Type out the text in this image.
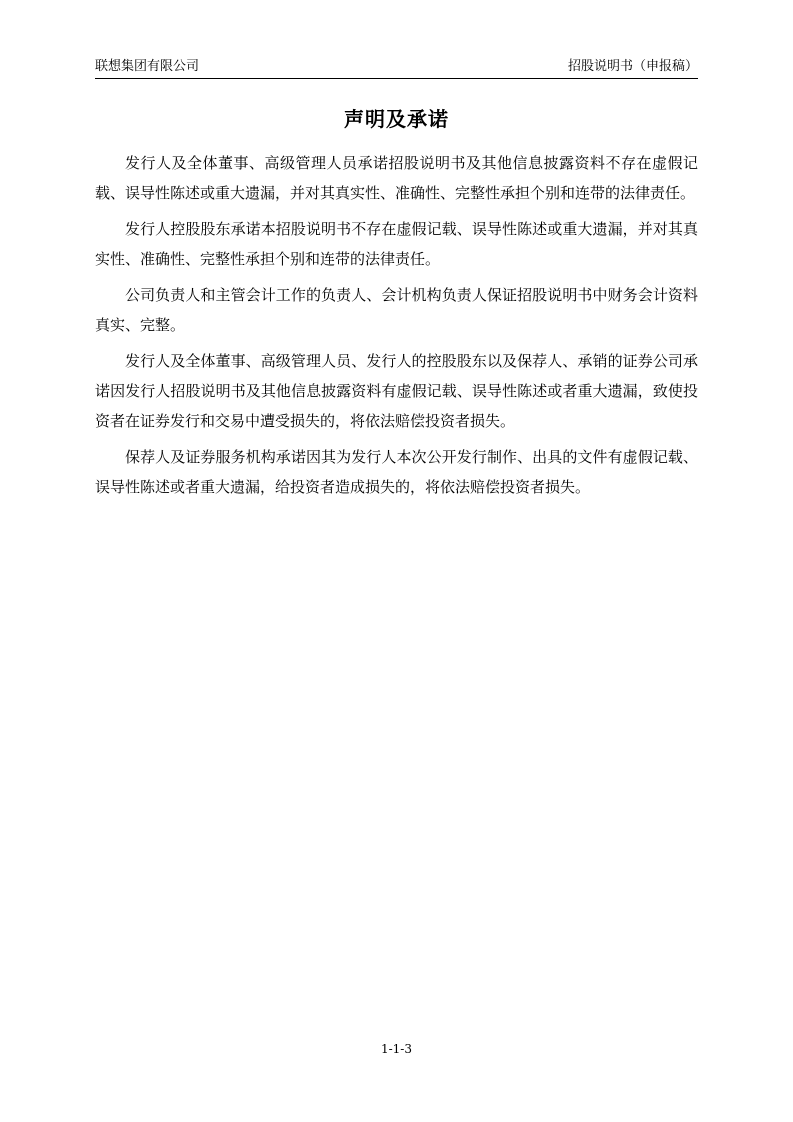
联想集团有限公司	招股说明书（申报稿）
声明及承诺

发行人及全体董事、高级管理人员承诺招股说明书及其他信息披露资料不存在虚假记载、误导性陈述或重大遗漏，并对其真实性、准确性、完整性承担个别和连带的法律责任。

发行人控股股东承诺本招股说明书不存在虚假记载、误导性陈述或重大遗漏，并对其真实性、准确性、完整性承担个别和连带的法律责任。

公司负责人和主管会计工作的负责人、会计机构负责人保证招股说明书中财务会计资料真实、完整。

发行人及全体董事、高级管理人员、发行人的控股股东以及保荐人、承销的证券公司承诺因发行人招股说明书及其他信息披露资料有虚假记载、误导性陈述或者重大遗漏，致使投资者在证券发行和交易中遭受损失的，将依法赔偿投资者损失。

保荐人及证券服务机构承诺因其为发行人本次公开发行制作、出具的文件有虚假记载、误导性陈述或者重大遗漏，给投资者造成损失的，将依法赔偿投资者损失。

1-1-3
